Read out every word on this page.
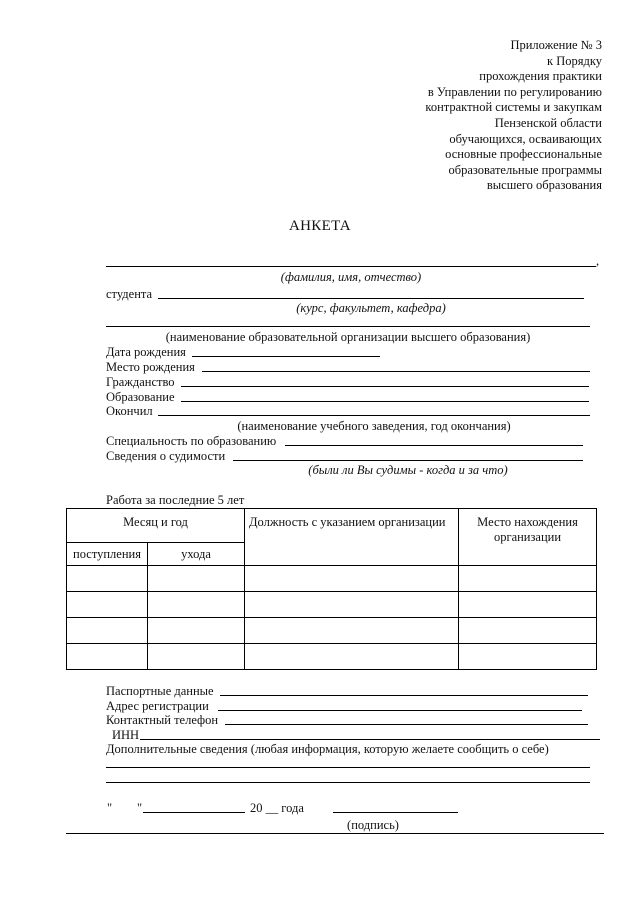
Приложение № 3
к Порядку
прохождения практики
в Управлении по регулированию
контрактной системы и закупкам
Пензенской области
обучающихся, осваивающих
основные профессиональные
образовательные программы
высшего образования
АНКЕТА
,
(фамилия, имя, отчество)
студента
(курс, факультет, кафедра)
(наименование образовательной организации высшего образования)
Дата рождения
Место рождения
Гражданство
Образование
Окончил
(наименование учебного заведения, год окончания)
Специальность по образованию
Сведения о судимости
(были ли Вы судимы - когда и за что)
Работа за последние 5 лет
Месяц и год		Должность с указанием организации	Место нахождения
организации

поступления	ухода		

Паспортные данные
Адрес регистрации
Контактный телефон
ИНН
Дополнительные сведения (любая информация, которую желаете сообщить о себе)
" "	20 __ года
(подпись)
